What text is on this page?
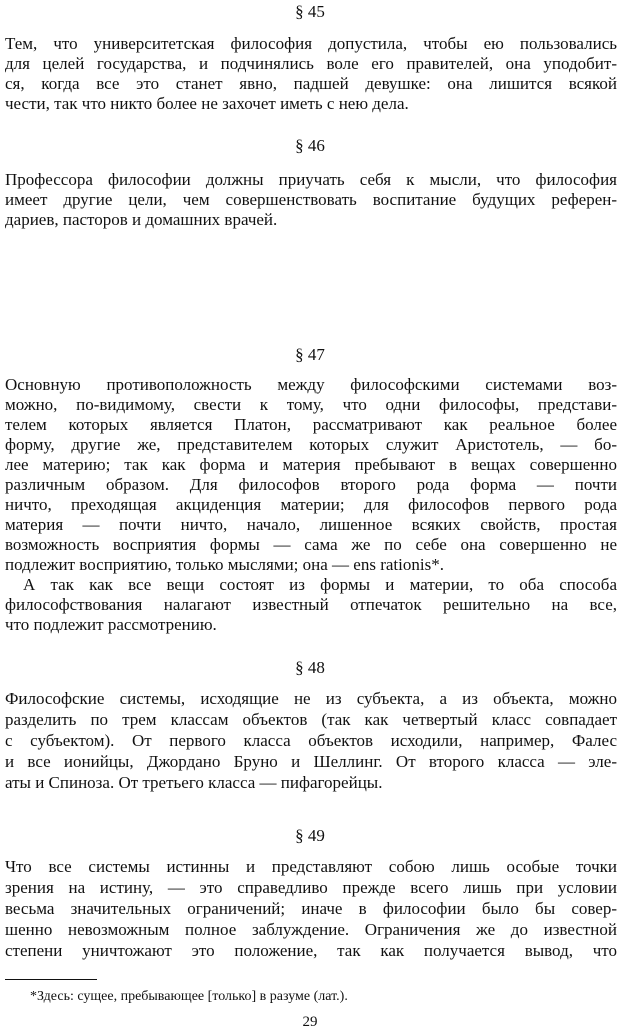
§ 45
Тем, что университетская философия допустила, чтобы ею пользовались
для целей государства, и подчинялись воле его правителей, она уподобит-
ся, когда все это станет явно, падшей девушке: она лишится всякой
чести, так что никто более не захочет иметь с нею дела.
§ 46
Профессора философии должны приучать себя к мысли, что философия
имеет другие цели, чем совершенствовать воспитание будущих референ-
дариев, пасторов и домашних врачей.
§ 47
Основную противоположность между философскими системами воз-
можно, по-видимому, свести к тому, что одни философы, представи-
телем которых является Платон, рассматривают как реальное более
форму, другие же, представителем которых служит Аристотель, — бо-
лее материю; так как форма и материя пребывают в вещах совершенно
различным образом. Для философов второго рода форма — почти
ничто, преходящая акциденция материи; для философов первого рода
материя — почти ничто, начало, лишенное всяких свойств, простая
возможность восприятия формы — сама же по себе она совершенно не
подлежит восприятию, только мыслями; она — ens rationis*.
А так как все вещи состоят из формы и материи, то оба способа
философствования налагают известный отпечаток решительно на все,
что подлежит рассмотрению.
§ 48
Философские системы, исходящие не из субъекта, а из объекта, можно
разделить по трем классам объектов (так как четвертый класс совпадает
с субъектом). От первого класса объектов исходили, например, Фалес
и все ионийцы, Джордано Бруно и Шеллинг. От второго класса — элe-
аты и Спиноза. От третьего класса — пифагорейцы.
§ 49
Что все системы истинны и представляют собою лишь особые точки
зрения на истину, — это справедливо прежде всего лишь при условии
весьма значительных ограничений; иначе в философии было бы совер-
шенно невозможным полное заблуждение. Ограничения же до известной
степени уничтожают это положение, так как получается вывод, что
*Здесь: сущее, пребывающее [только] в разуме (лат.).
29
